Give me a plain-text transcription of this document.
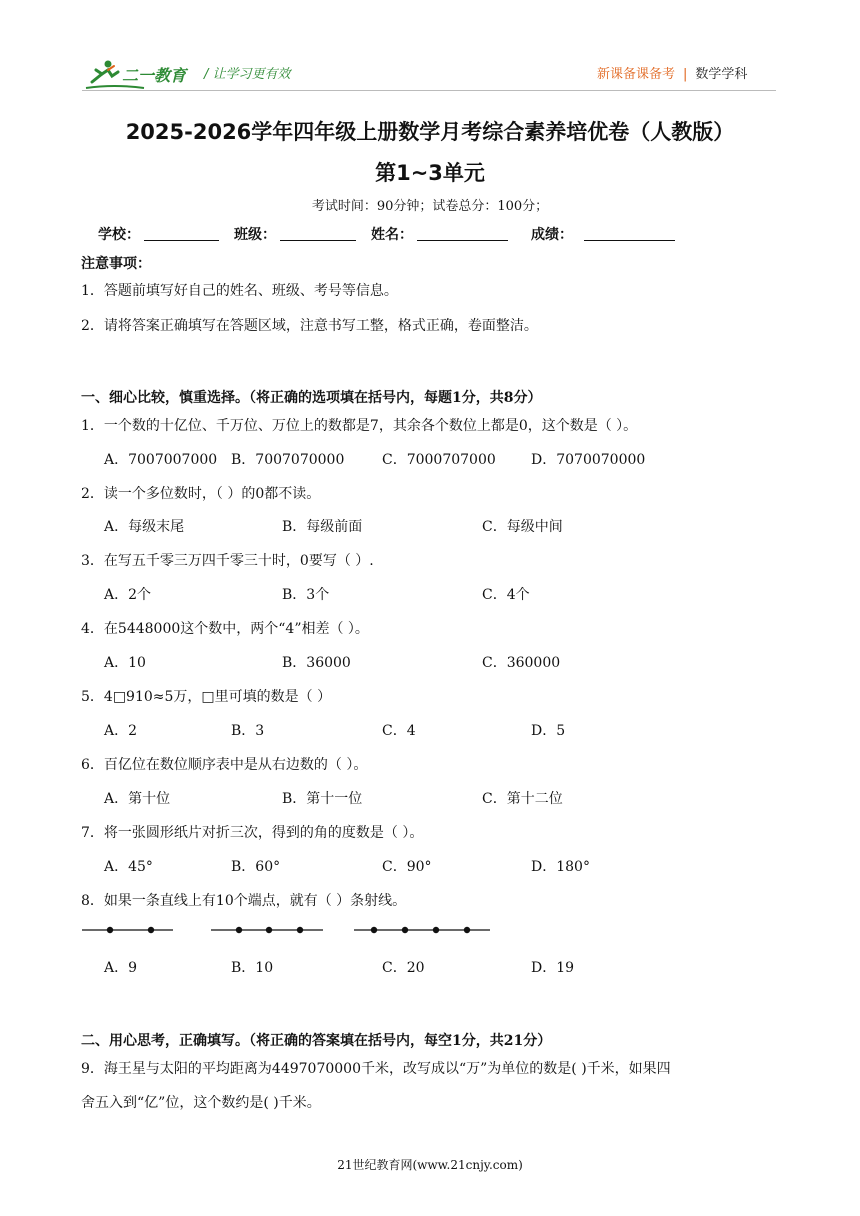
二一教育 / 让学习更有效	新课备课备考 | 数学学科
2025-2026学年四年级上册数学月考综合素养培优卷（人教版）
第1~3单元
考试时间：90分钟；试卷总分：100分；
学校：	班级：	姓名：	成绩：
注意事项：
1．答题前填写好自己的姓名、班级、考号等信息。
2．请将答案正确填写在答题区域，注意书写工整，格式正确，卷面整洁。
一、细心比较，慎重选择。（将正确的选项填在括号内，每题1分，共8分）
1．一个数的十亿位、千万位、万位上的数都是7，其余各个数位上都是0，这个数是（ ）。
A．7007007000 B．7007070000	C．7000707000	D．7070070000
2．读一个多位数时，（ ）的0都不读。
A．每级末尾	B．每级前面	C．每级中间
3．在写五千零三万四千零三十时，0要写（ ）.
A．2个	B．3个	C．4个
4．在5448000这个数中，两个“4”相差（ ）。
A．10	B．36000	C．360000
5．4□910≈5万，□里可填的数是（ ）
A．2	B．3	C．4	D．5
6．百亿位在数位顺序表中是从右边数的（ ）。
A．第十位	B．第十一位	C．第十二位
7．将一张圆形纸片对折三次，得到的角的度数是（ ）。
A．45°	B．60°	C．90°	D．180°
8．如果一条直线上有10个端点，就有（ ）条射线。
A．9	B．10	C．20	D．19
二、用心思考，正确填写。（将正确的答案填在括号内，每空1分，共21分）
9．海王星与太阳的平均距离为4497070000千米，改写成以“万”为单位的数是( )千米，如果四
舍五入到“亿”位，这个数约是( )千米。
21世纪教育网(www.21cnjy.com)
